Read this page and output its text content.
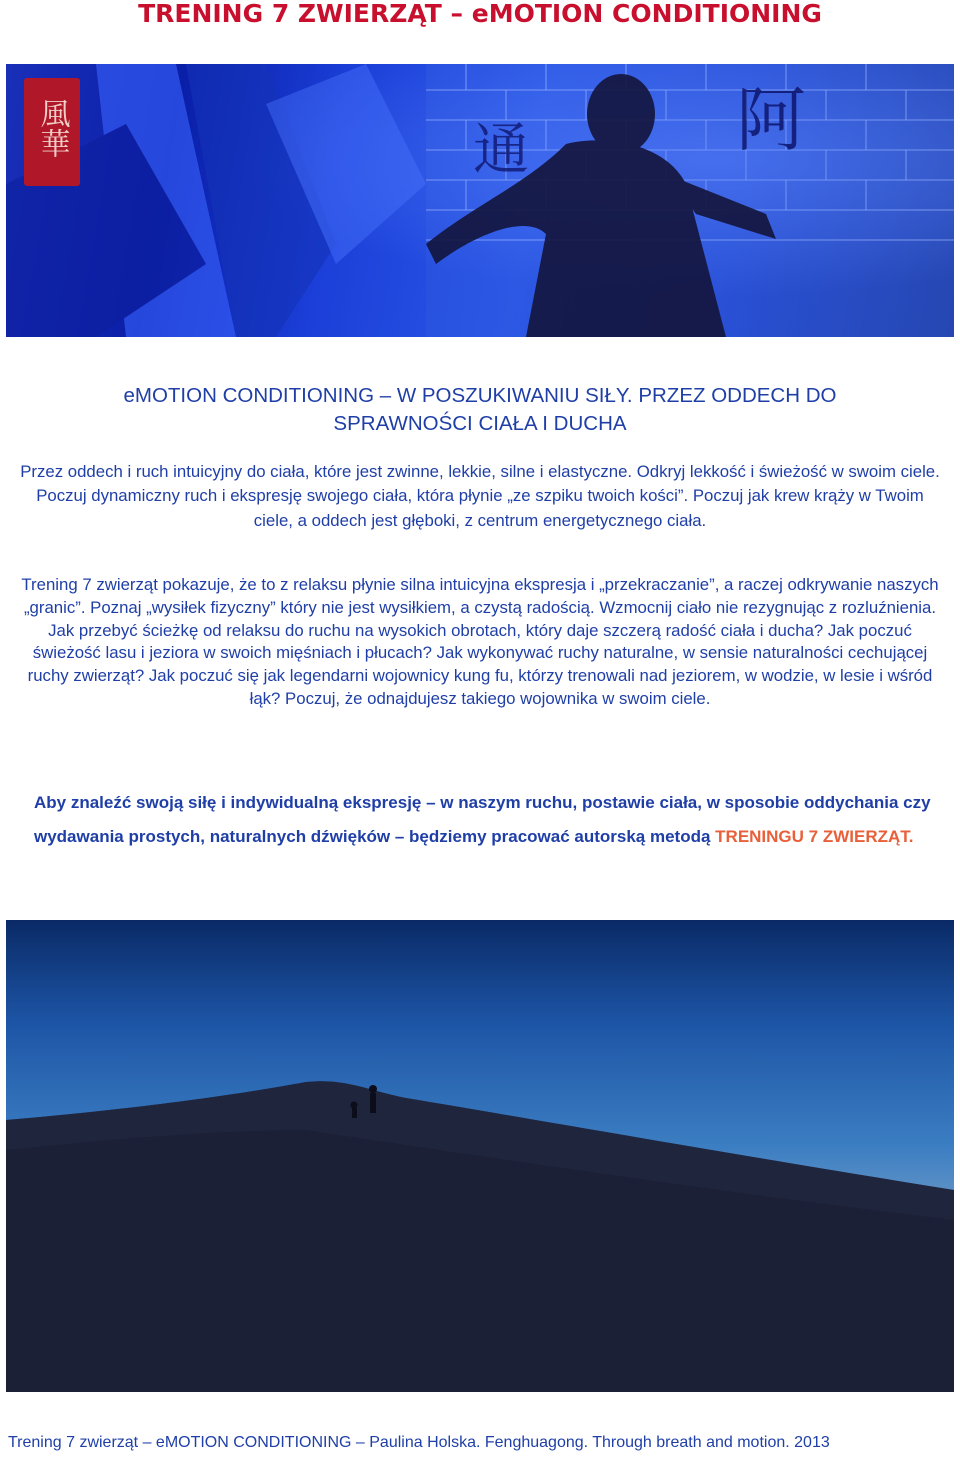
TRENING 7 ZWIERZĄT – eMOTION CONDITIONING
風華	通	阿
eMOTION CONDITIONING – W POSZUKIWANIU SIŁY. PRZEZ ODDECH DO
SPRAWNOŚCI CIAŁA I DUCHA
Przez oddech i ruch intuicyjny do ciała, które jest zwinne, lekkie, silne i elastyczne. Odkryj lekkość i świeżość w swoim ciele. Poczuj dynamiczny ruch i ekspresję swojego ciała, która płynie „ze szpiku twoich kości”. Poczuj jak krew krąży w Twoim ciele, a oddech jest głęboki, z centrum energetycznego ciała.
Trening 7 zwierząt pokazuje, że to z relaksu płynie silna intuicyjna ekspresja i „przekraczanie”, a raczej odkrywanie naszych „granic”. Poznaj „wysiłek fizyczny” który nie jest wysiłkiem, a czystą radością. Wzmocnij ciało nie rezygnując z rozluźnienia. Jak przebyć ścieżkę od relaksu do ruchu na wysokich obrotach, który daje szczerą radość ciała i ducha? Jak poczuć świeżość lasu i jeziora w swoich mięśniach i płucach? Jak wykonywać ruchy naturalne, w sensie naturalności cechującej ruchy zwierząt? Jak poczuć się jak legendarni wojownicy kung fu, którzy trenowali nad jeziorem, w wodzie, w lesie i wśród łąk? Poczuj, że odnajdujesz takiego wojownika w swoim ciele.
Aby znaleźć swoją siłę i indywidualną ekspresję – w naszym ruchu, postawie ciała, w sposobie oddychania czy wydawania prostych, naturalnych dźwięków – będziemy pracować autorską metodą TRENINGU 7 ZWIERZĄT.
Trening 7 zwierząt – eMOTION CONDITIONING – Paulina Holska. Fenghuagong. Through breath and motion. 2013
